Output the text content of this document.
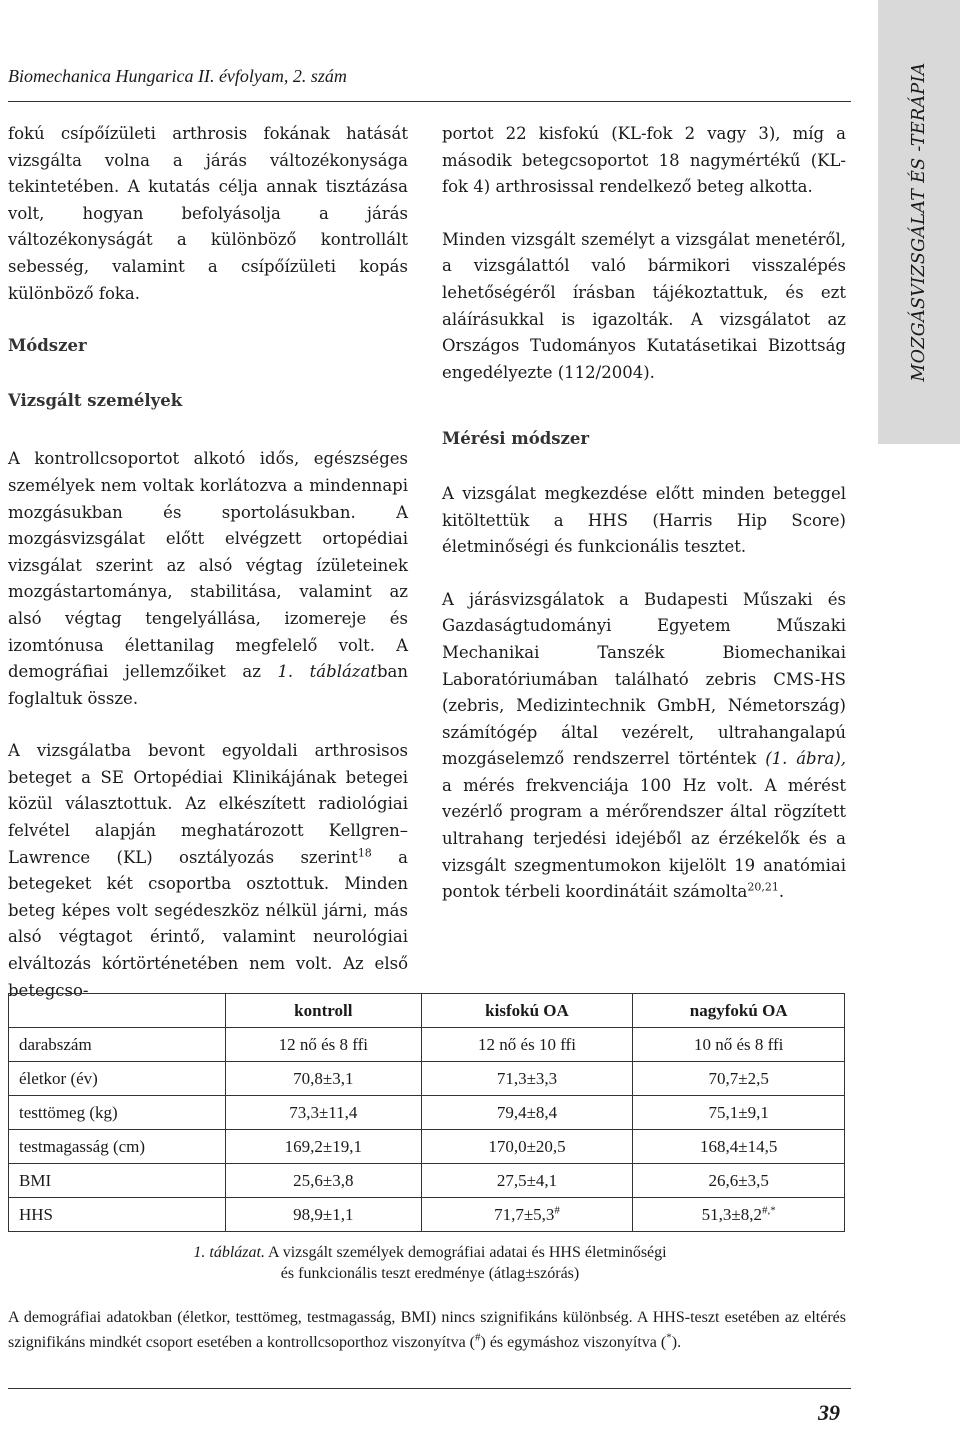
Biomechanica Hungarica II. évfolyam, 2. szám	MOZGÁSVIZSGÁLAT ÉS -TERÁPIA

fokú csípőízületi arthrosis fokának hatását vizsgálta volna a járás változékonysága tekintetében. A kutatás célja annak tisztázása volt, hogyan befolyásolja a járás változékonyságát a különböző kontrollált sebesség, valamint a csípőízületi kopás különböző foka.

Módszer
Vizsgált személyek

A kontrollcsoportot alkotó idős, egészséges személyek nem voltak korlátozva a mindennapi mozgásukban és sportolásukban. A mozgásvizsgálat előtt elvégzett ortopédiai vizsgálat szerint az alsó végtag ízületeinek mozgástartománya, stabilitása, valamint az alsó végtag tengelyállása, izomereje és izomtónusa élettanilag megfelelő volt. A demográfiai jellemzőiket az 1. táblázatban foglaltuk össze.

A vizsgálatba bevont egyoldali arthrosisos beteget a SE Ortopédiai Klinikájának betegei közül választottuk. Az elkészített radiológiai felvétel alapján meghatározott Kellgren–Lawrence (KL) osztályozás szerint$^{18}$ a betegeket két csoportba osztottuk. Minden beteg képes volt segédeszköz nélkül járni, más alsó végtagot érintő, valamint neurológiai elváltozás kórtörténetében nem volt. Az első betegcso-

portot 22 kisfokú (KL-fok 2 vagy 3), míg a második betegcsoportot 18 nagymértékű (KL-fok 4) arthrosissal rendelkező beteg alkotta.

Minden vizsgált személyt a vizsgálat menetéről, a vizsgálattól való bármikori visszalépés lehetőségéről írásban tájékoztattuk, és ezt aláírásukkal is igazolták. A vizsgálatot az Országos Tudományos Kutatásetikai Bizottság engedélyezte (112/2004).

Mérési módszer

A vizsgálat megkezdése előtt minden beteggel kitöltettük a HHS (Harris Hip Score) életminőségi és funkcionális tesztet.

A járásvizsgálatok a Budapesti Műszaki és Gazdaságtudományi Egyetem Műszaki Mechanikai Tanszék Biomechanikai Laboratóriumában található zebris CMS-HS (zebris, Medizintechnik GmbH, Németország) számítógép által vezérelt, ultrahangalapú mozgáselemző rendszerrel történtek (1. ábra), a mérés frekvenciája 100 Hz volt. A mérést vezérlő program a mérőrendszer által rögzített ultrahang terjedési idejéből az érzékelők és a vizsgált szegmentumokon kijelölt 19 anatómiai pontok térbeli koordinátáit számolta$^{20,21}$.

	kontroll	kisfokú OA	nagyfokú OA
darabszám	12 nő és 8 ffi	12 nő és 10 ffi	10 nő és 8 ffi
életkor (év)	70,8±3,1	71,3±3,3	70,7±2,5
testtömeg (kg)	73,3±11,4	79,4±8,4	75,1±9,1
testmagasság (cm)	169,2±19,1	170,0±20,5	168,4±14,5
BMI	25,6±3,8	27,5±4,1	26,6±3,5
HHS	98,9±1,1	71,7±5,3#	51,3±8,2#,*
1. táblázat. A vizsgált személyek demográfiai adatai és HHS életminőségi
és funkcionális teszt eredménye (átlag±szórás)
A demográfiai adatokban (életkor, testtömeg, testmagasság, BMI) nincs szignifikáns különbség. A HHS-teszt esetében az eltérés szignifikáns mindkét csoport esetében a kontrollcsoporthoz viszonyítva (#) és egymáshoz viszonyítva (*).
39
